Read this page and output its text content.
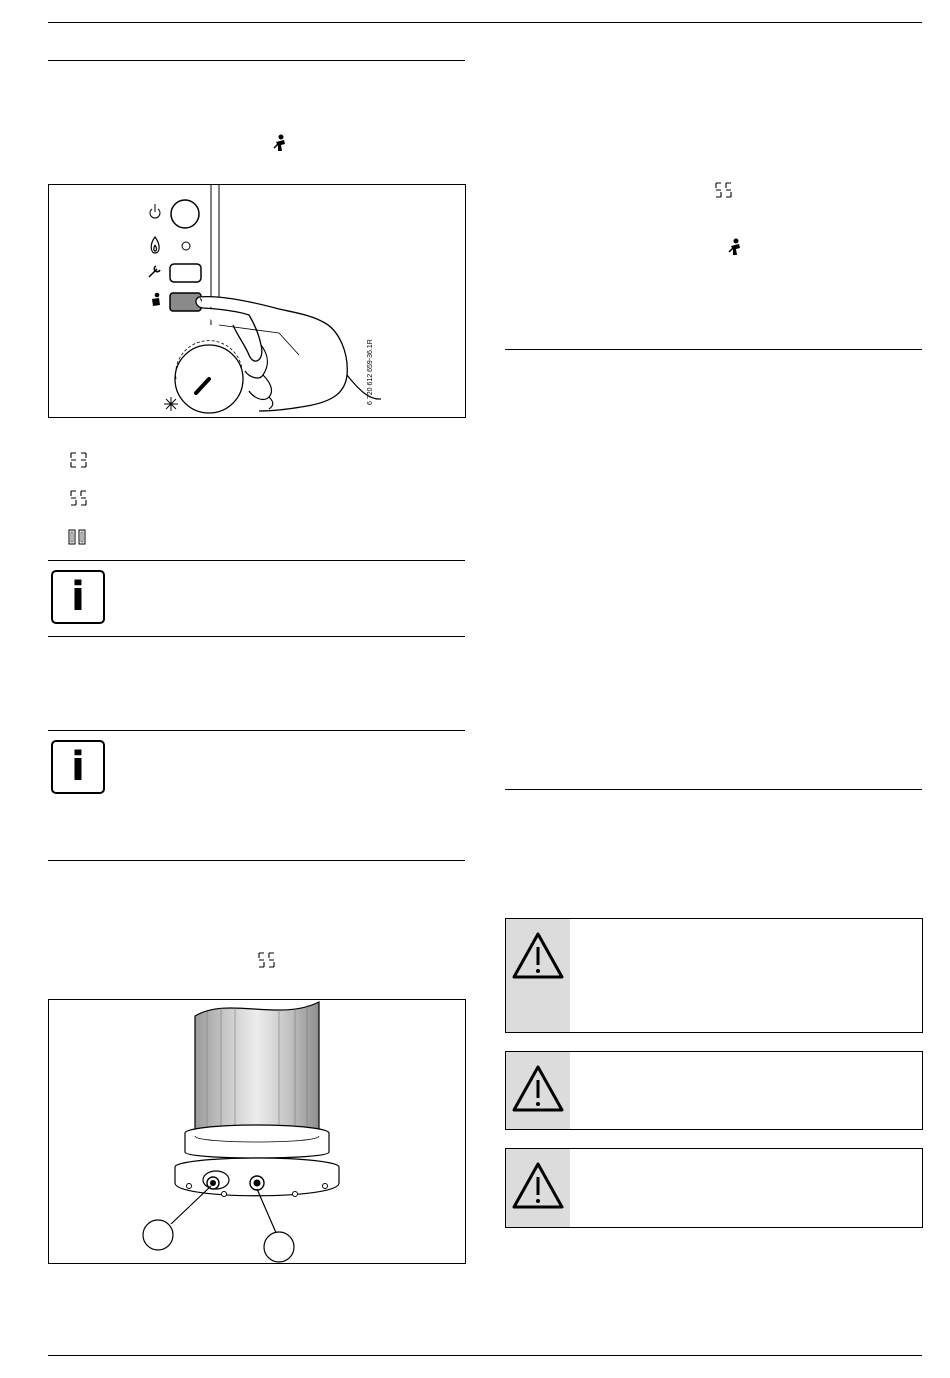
6 720 612 659-36.1R
i
i
